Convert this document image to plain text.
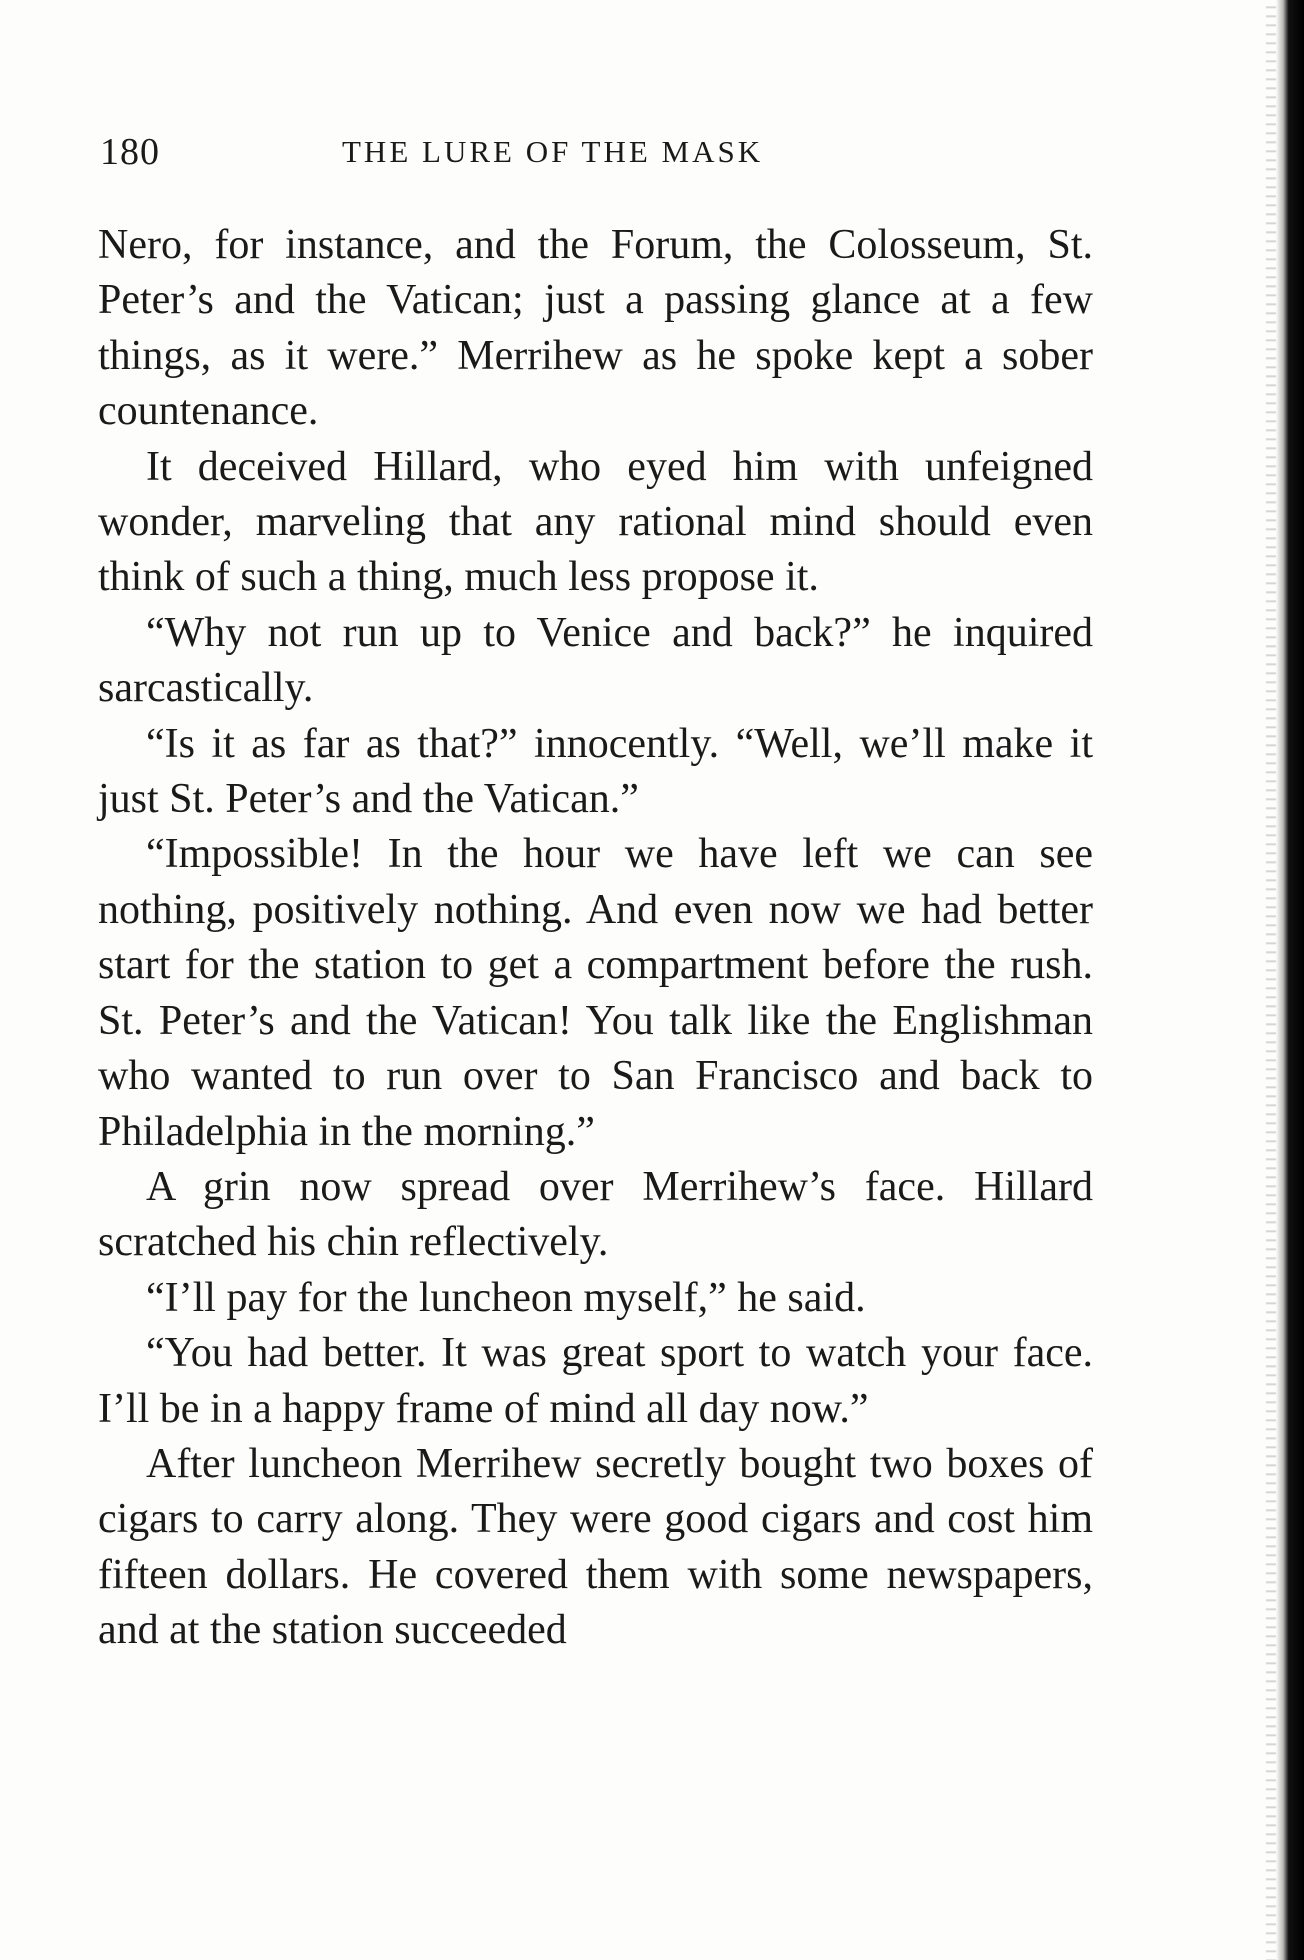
180	THE LURE OF THE MASK

Nero, for instance, and the Forum, the Colosseum, St. Peter’s and the Vatican; just a passing glance at a few things, as it were.” Merrihew as he spoke kept a sober countenance.

It deceived Hillard, who eyed him with unfeigned wonder, marveling that any rational mind should even think of such a thing, much less propose it.

“Why not run up to Venice and back?” he inquired sarcastically.

“Is it as far as that?” innocently. “Well, we’ll make it just St. Peter’s and the Vatican.”

“Impossible! In the hour we have left we can see nothing, positively nothing. And even now we had better start for the station to get a compartment before the rush. St. Peter’s and the Vatican! You talk like the Englishman who wanted to run over to San Francisco and back to Philadelphia in the morning.”

A grin now spread over Merrihew’s face. Hillard scratched his chin reflectively.

“I’ll pay for the luncheon myself,” he said.

“You had better. It was great sport to watch your face. I’ll be in a happy frame of mind all day now.”

After luncheon Merrihew secretly bought two boxes of cigars to carry along. They were good cigars and cost him fifteen dollars. He covered them with some newspapers, and at the station succeeded
